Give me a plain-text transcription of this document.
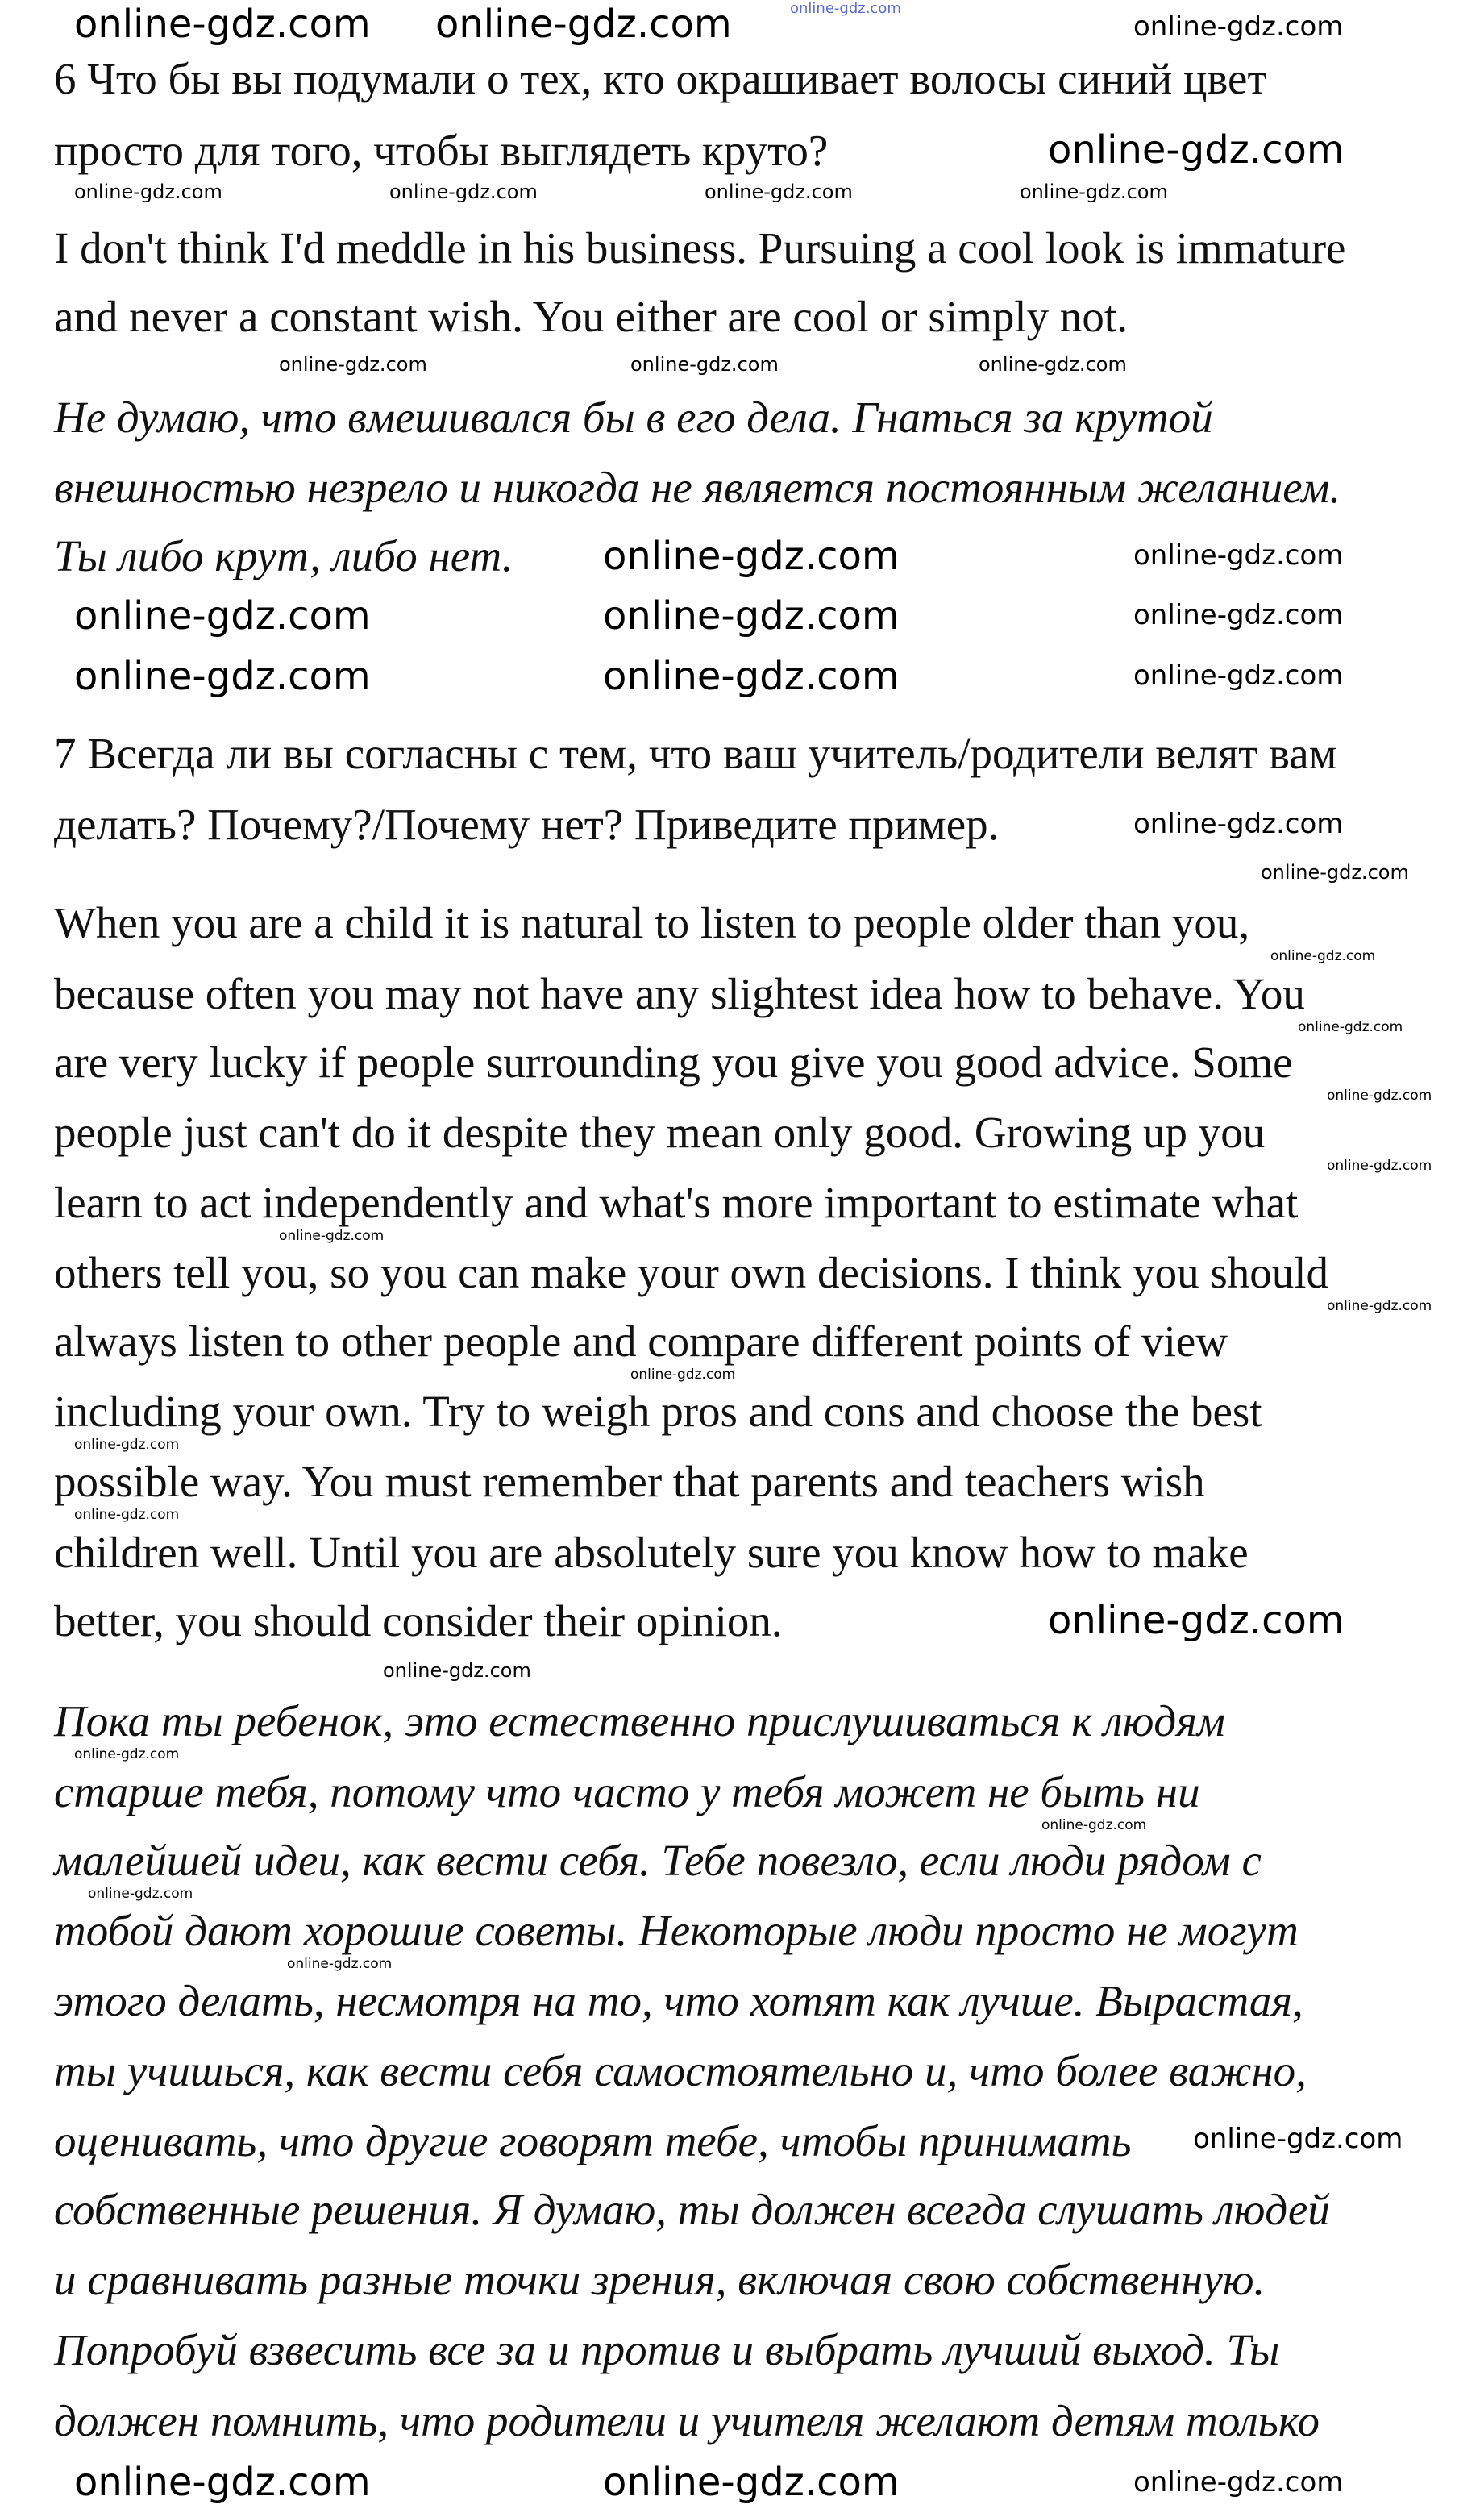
6 Что бы вы подумали о тех, кто окрашивает волосы синий цвет
просто для того, чтобы выглядеть круто?
I don't think I'd meddle in his business. Pursuing a cool look is immature
and never a constant wish. You either are cool or simply not.
Не думаю, что вмешивался бы в его дела. Гнаться за крутой
внешностью незрело и никогда не является постоянным желанием.
Ты либо крут, либо нет.
7 Всегда ли вы согласны с тем, что ваш учитель/родители велят вам
делать? Почему?/Почему нет? Приведите пример.
When you are a child it is natural to listen to people older than you,
because often you may not have any slightest idea how to behave. You
are very lucky if people surrounding you give you good advice. Some
people just can't do it despite they mean only good. Growing up you
learn to act independently and what's more important to estimate what
others tell you, so you can make your own decisions. I think you should
always listen to other people and compare different points of view
including your own. Try to weigh pros and cons and choose the best
possible way. You must remember that parents and teachers wish
children well. Until you are absolutely sure you know how to make
better, you should consider their opinion.
Пока ты ребенок, это естественно прислушиваться к людям
старше тебя, потому что часто у тебя может не быть ни
малейшей идеи, как вести себя. Тебе повезло, если люди рядом с
тобой дают хорошие советы. Некоторые люди просто не могут
этого делать, несмотря на то, что хотят как лучше. Вырастая,
ты учишься, как вести себя самостоятельно и, что более важно,
оценивать, что другие говорят тебе, чтобы принимать
собственные решения. Я думаю, ты должен всегда слушать людей
и сравнивать разные точки зрения, включая свою собственную.
Попробуй взвесить все за и против и выбрать лучший выход. Ты
должен помнить, что родители и учителя желают детям только
online-gdz.com
online-gdz.com online-gdz.com	online-gdz.com
online-gdz.com
online-gdz.com	online-gdz.com	online-gdz.com	online-gdz.com
online-gdz.com	online-gdz.com	online-gdz.com
online-gdz.com	online-gdz.com
online-gdz.com	online-gdz.com	online-gdz.com
online-gdz.com	online-gdz.com	online-gdz.com
online-gdz.com
online-gdz.com
online-gdz.com
online-gdz.com
online-gdz.com
online-gdz.com
online-gdz.com
online-gdz.com
online-gdz.com
online-gdz.com
online-gdz.com
online-gdz.com
online-gdz.com
online-gdz.com
online-gdz.com
online-gdz.com
online-gdz.com
online-gdz.com
online-gdz.com	online-gdz.com	online-gdz.com
